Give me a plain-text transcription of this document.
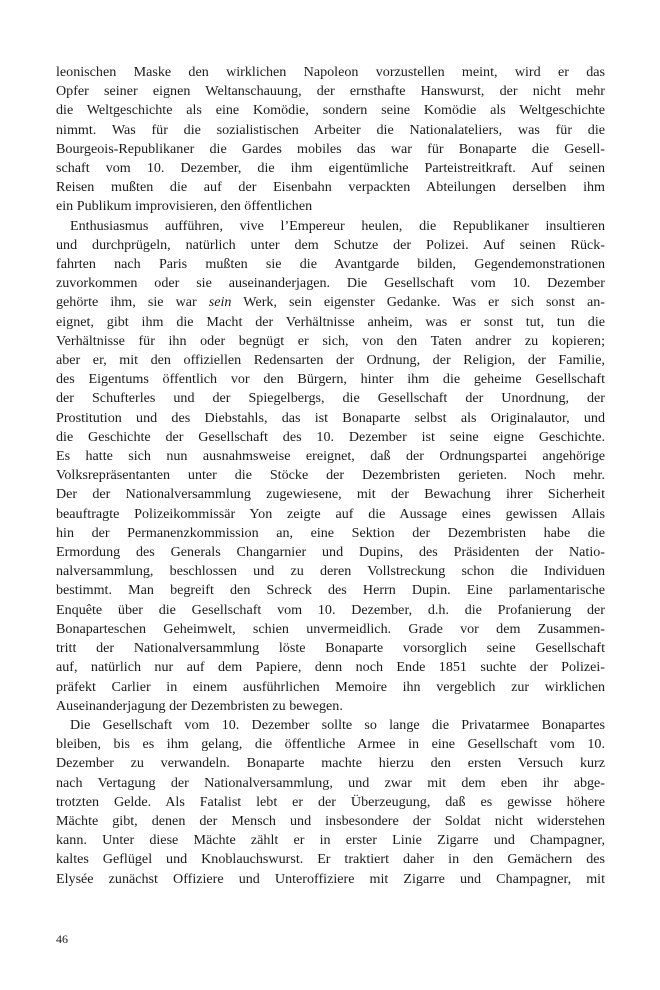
leonischen Maske den wirklichen Napoleon vorzustellen meint, wird er das
Opfer seiner eignen Weltanschauung, der ernsthafte Hanswurst, der nicht mehr
die Weltgeschichte als eine Komödie, sondern seine Komödie als Weltgeschichte
nimmt. Was für die sozialistischen Arbeiter die Nationalateliers, was für die
Bourgeois-Republikaner die Gardes mobiles das war für Bonaparte die Gesell-
schaft vom 10. Dezember, die ihm eigentümliche Parteistreitkraft. Auf seinen
Reisen mußten die auf der Eisenbahn verpackten Abteilungen derselben ihm
ein Publikum improvisieren, den öffentlichen
Enthusiasmus aufführen, vive l’Empereur heulen, die Republikaner insultieren
und durchprügeln, natürlich unter dem Schutze der Polizei. Auf seinen Rück-
fahrten nach Paris mußten sie die Avantgarde bilden, Gegendemonstrationen
zuvorkommen oder sie auseinanderjagen. Die Gesellschaft vom 10. Dezember
gehörte ihm, sie war sein Werk, sein eigenster Gedanke. Was er sich sonst an-
eignet, gibt ihm die Macht der Verhältnisse anheim, was er sonst tut, tun die
Verhältnisse für ihn oder begnügt er sich, von den Taten andrer zu kopieren;
aber er, mit den offiziellen Redensarten der Ordnung, der Religion, der Familie,
des Eigentums öffentlich vor den Bürgern, hinter ihm die geheime Gesellschaft
der Schufterles und der Spiegelbergs, die Gesellschaft der Unordnung, der
Prostitution und des Diebstahls, das ist Bonaparte selbst als Originalautor, und
die Geschichte der Gesellschaft des 10. Dezember ist seine eigne Geschichte.
Es hatte sich nun ausnahmsweise ereignet, daß der Ordnungspartei angehörige
Volksrepräsentanten unter die Stöcke der Dezembristen gerieten. Noch mehr.
Der der Nationalversammlung zugewiesene, mit der Bewachung ihrer Sicherheit
beauftragte Polizeikommissär Yon zeigte auf die Aussage eines gewissen Allais
hin der Permanenzkommission an, eine Sektion der Dezembristen habe die
Ermordung des Generals Changarnier und Dupins, des Präsidenten der Natio-
nalversammlung, beschlossen und zu deren Vollstreckung schon die Individuen
bestimmt. Man begreift den Schreck des Herrn Dupin. Eine parlamentarische
Enquête über die Gesellschaft vom 10. Dezember, d.h. die Profanierung der
Bonaparteschen Geheimwelt, schien unvermeidlich. Grade vor dem Zusammen-
tritt der Nationalversammlung löste Bonaparte vorsorglich seine Gesellschaft
auf, natürlich nur auf dem Papiere, denn noch Ende 1851 suchte der Polizei-
präfekt Carlier in einem ausführlichen Memoire ihn vergeblich zur wirklichen
Auseinanderjagung der Dezembristen zu bewegen.
Die Gesellschaft vom 10. Dezember sollte so lange die Privatarmee Bonapartes
bleiben, bis es ihm gelang, die öffentliche Armee in eine Gesellschaft vom 10.
Dezember zu verwandeln. Bonaparte machte hierzu den ersten Versuch kurz
nach Vertagung der Nationalversammlung, und zwar mit dem eben ihr abge-
trotzten Gelde. Als Fatalist lebt er der Überzeugung, daß es gewisse höhere
Mächte gibt, denen der Mensch und insbesondere der Soldat nicht widerstehen
kann. Unter diese Mächte zählt er in erster Linie Zigarre und Champagner,
kaltes Geflügel und Knoblauchswurst. Er traktiert daher in den Gemächern des
Elysée zunächst Offiziere und Unteroffiziere mit Zigarre und Champagner, mit
46
